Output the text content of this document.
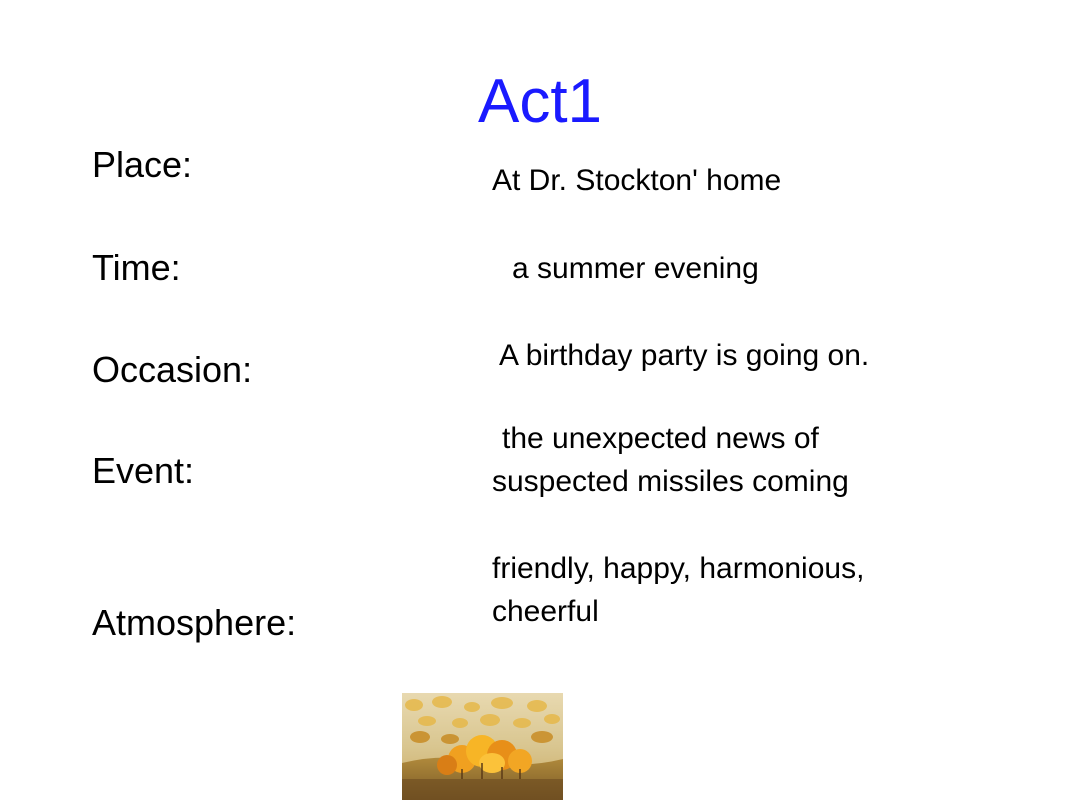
Act1
Place:
Time:
Occasion:
Event:
Atmosphere:
At Dr. Stockton' home
a summer evening
A birthday party is going on.
the unexpected news of
suspected missiles coming
friendly, happy, harmonious,
cheerful
